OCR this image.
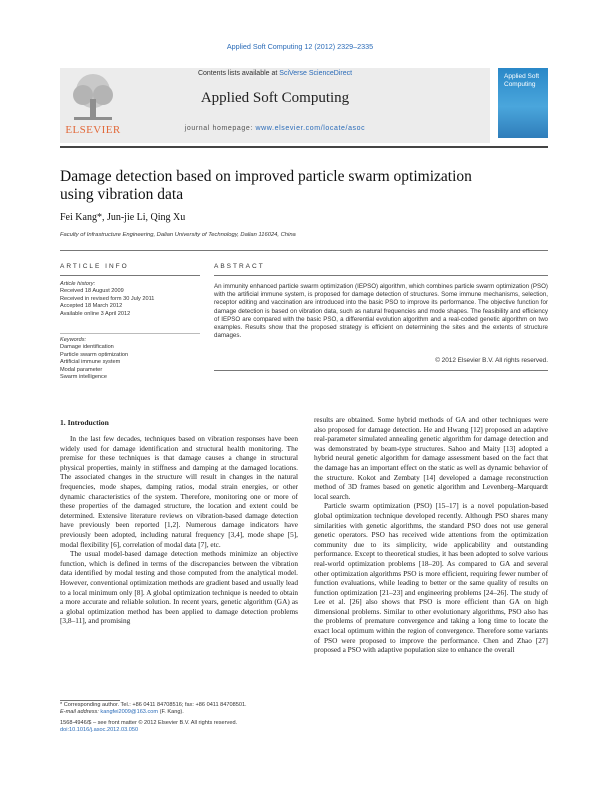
Applied Soft Computing 12 (2012) 2329–2335
Contents lists available at SciVerse ScienceDirect
Applied Soft Computing
journal homepage: www.elsevier.com/locate/asoc
ELSEVIER
Applied Soft Computing
Damage detection based on improved particle swarm optimization using vibration data
Fei Kang*, Jun-jie Li, Qing Xu
Faculty of Infrastructure Engineering, Dalian University of Technology, Dalian 116024, China
ARTICLE INFO	ABSTRACT
Article history:
Received 18 August 2009
Received in revised form 30 July 2011
Accepted 18 March 2012
Available online 3 April 2012
Keywords:
Damage identification
Particle swarm optimization
Artificial immune system
Modal parameter
Swarm intelligence
An immunity enhanced particle swarm optimization (IEPSO) algorithm, which combines particle swarm optimization (PSO) with the artificial immune system, is proposed for damage detection of structures. Some immune mechanisms, selection, receptor editing and vaccination are introduced into the basic PSO to improve its performance. The objective function for damage detection is based on vibration data, such as natural frequencies and mode shapes. The feasibility and efficiency of IEPSO are compared with the basic PSO, a differential evolution algorithm and a real-coded genetic algorithm on two examples. Results show that the proposed strategy is efficient on determining the sites and the extents of structure damages.
© 2012 Elsevier B.V. All rights reserved.
1. Introduction

In the last few decades, techniques based on vibration responses have been widely used for damage identification and structural health monitoring. The premise for these techniques is that damage causes a change in structural physical properties, mainly in stiffness and damping at the damaged locations. The associated changes in the structure will result in changes in the natural frequencies, mode shapes, damping ratios, modal strain energies, or other dynamic characteristics of the system. Therefore, monitoring one or more of these properties of the damaged structure, the location and extent could be determined. Extensive literature reviews on vibration-based damage detection have previously been reported [1,2]. Numerous damage indicators have previously been adopted, including natural frequency [3,4], mode shape [5], modal flexibility [6], correlation of modal data [7], etc.

The usual model-based damage detection methods minimize an objective function, which is defined in terms of the discrepancies between the vibration data identified by modal testing and those computed from the analytical model. However, conventional optimization methods are gradient based and usually lead to a local minimum only [8]. A global optimization technique is needed to obtain a more accurate and reliable solution. In recent years, genetic algorithm (GA) as a global optimization method has been applied to damage detection problems [3,8–11], and promising

results are obtained. Some hybrid methods of GA and other techniques were also proposed for damage detection. He and Hwang [12] proposed an adaptive real-parameter simulated annealing genetic algorithm for damage detection and was demonstrated by beam-type structures. Sahoo and Maity [13] adopted a hybrid neural genetic algorithm for damage assessment based on the fact that the damage has an important effect on the static as well as dynamic behavior of the structure. Kokot and Zembaty [14] developed a damage reconstruction method of 3D frames based on genetic algorithm and Levenberg–Marquardt local search.

Particle swarm optimization (PSO) [15–17] is a novel population-based global optimization technique developed recently. Although PSO shares many similarities with genetic algorithms, the standard PSO does not use general genetic operators. PSO has received wide attentions from the optimization community due to its simplicity, wide applicability and outstanding performance. Except to theoretical studies, it has been adopted to solve various real-world optimization problems [18–20]. As compared to GA and several other optimization algorithms PSO is more efficient, requiring fewer number of function evaluations, while leading to better or the same quality of results on function optimization [21–23] and engineering problems [24–26]. The study of Lee et al. [26] also shows that PSO is more efficient than GA on high dimensional problems. Similar to other evolutionary algorithms, PSO also has the problems of premature convergence and taking a long time to locate the exact local optimum within the region of convergence. Therefore some variants of PSO were proposed to improve the performance. Chen and Zhao [27] proposed a PSO with adaptive population size to enhance the overall

* Corresponding author. Tel.: +86 0411 84708516; fax: +86 0411 84708501.
E-mail address: kangfei2009@163.com (F. Kang).
1568-4946/$ – see front matter © 2012 Elsevier B.V. All rights reserved.
doi:10.1016/j.asoc.2012.03.050
